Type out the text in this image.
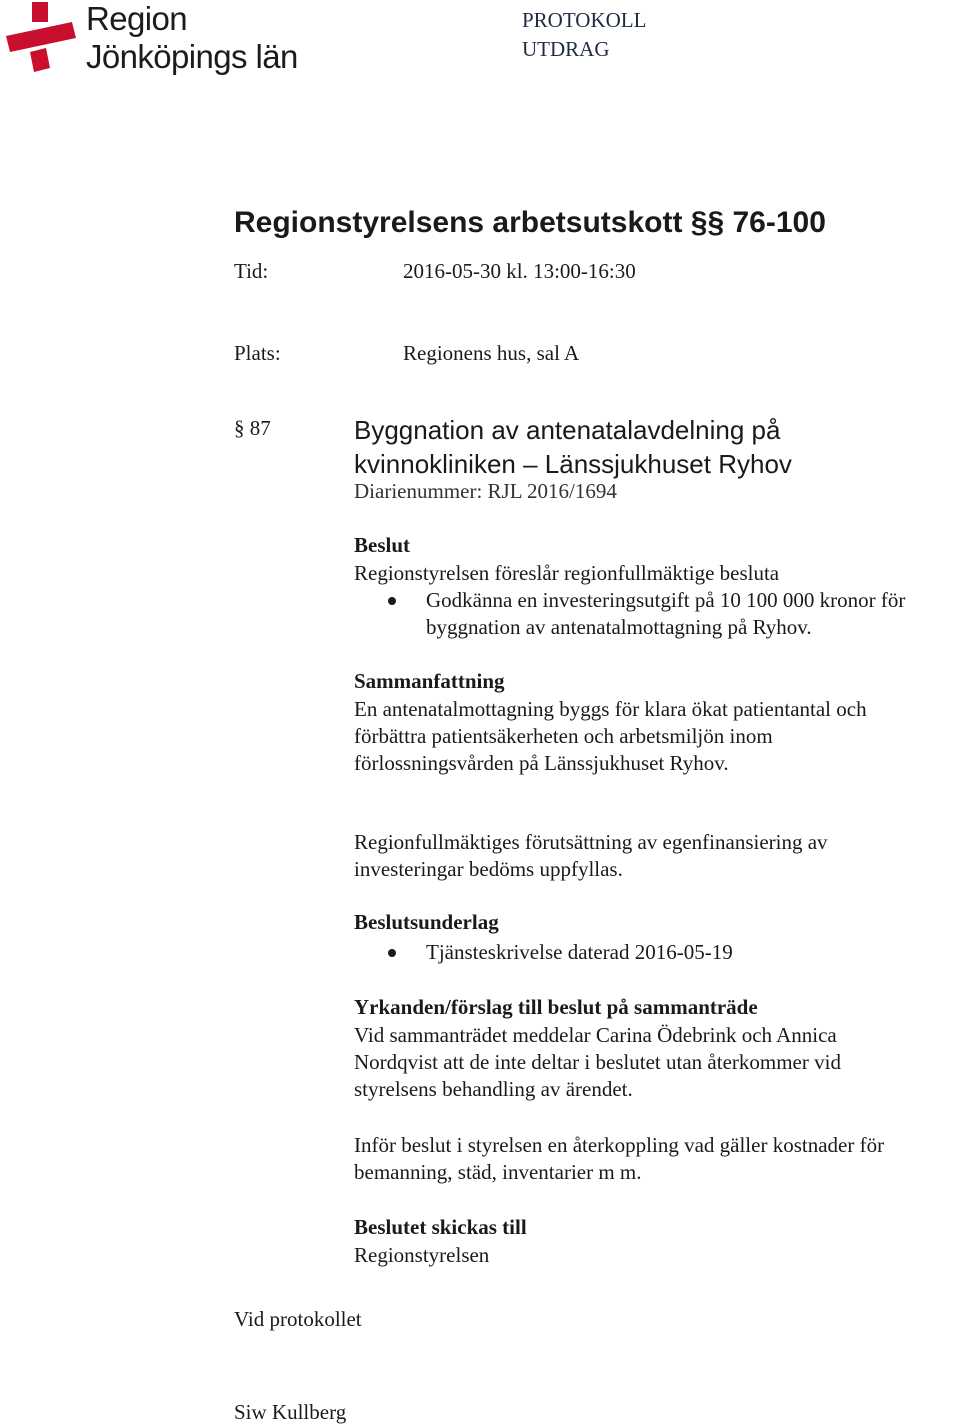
Region
Jönköpings län
PROTOKOLL
UTDRAG
Regionstyrelsens arbetsutskott §§ 76-100
Tid:	2016-05-30 kl. 13:00-16:30
Plats:	Regionens hus, sal A
§ 87	Byggnation av antenatalavdelning på
kvinnokliniken – Länssjukhuset Ryhov
Diarienummer: RJL 2016/1694
Beslut
Regionstyrelsen föreslår regionfullmäktige besluta
Godkänna en investeringsutgift på 10 100 000 kronor för
byggnation av antenatalmottagning på Ryhov.
Sammanfattning
En antenatalmottagning byggs för klara ökat patientantal och
förbättra patientsäkerheten och arbetsmiljön inom
förlossningsvården på Länssjukhuset Ryhov.
Regionfullmäktiges förutsättning av egenfinansiering av
investeringar bedöms uppfyllas.
Beslutsunderlag
Tjänsteskrivelse daterad 2016-05-19
Yrkanden/förslag till beslut på sammanträde
Vid sammanträdet meddelar Carina Ödebrink och Annica
Nordqvist att de inte deltar i beslutet utan återkommer vid
styrelsens behandling av ärendet.
Inför beslut i styrelsen en återkoppling vad gäller kostnader för
bemanning, städ, inventarier m m.
Beslutet skickas till
Regionstyrelsen
Vid protokollet
Siw Kullberg
